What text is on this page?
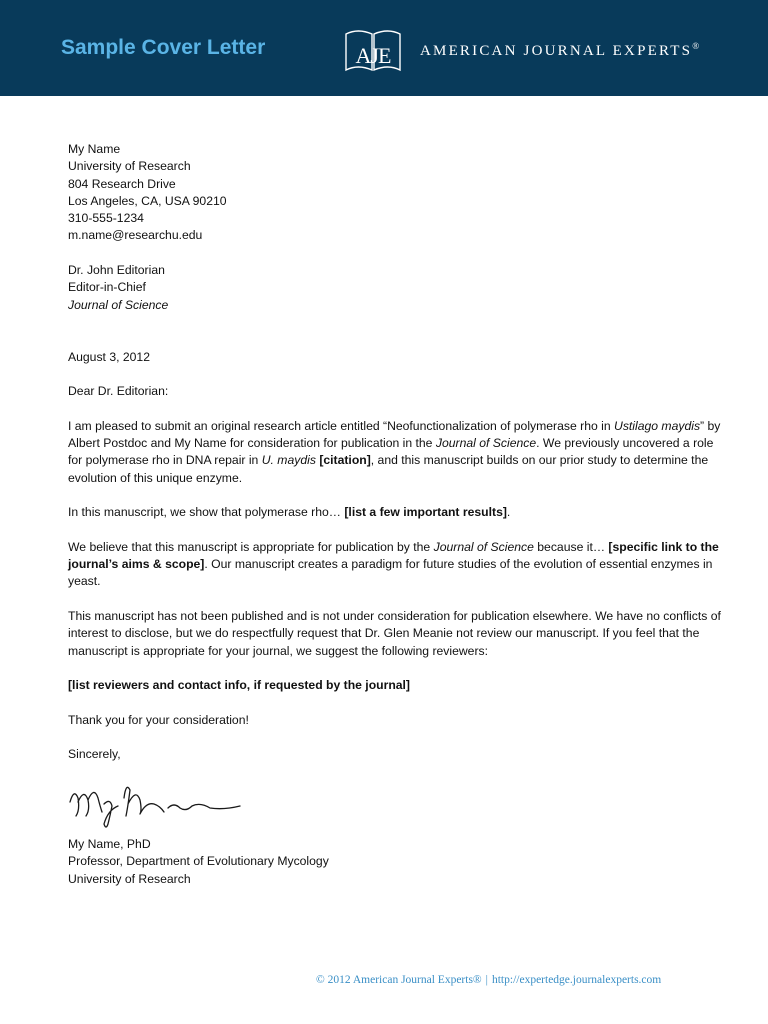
Sample Cover Letter	AJE AMERICAN JOURNAL EXPERTS®
My Name
University of Research
804 Research Drive
Los Angeles, CA, USA 90210
310-555-1234
m.name@researchu.edu
Dr. John Editorian
Editor-in-Chief
Journal of Science
August 3, 2012
Dear Dr. Editorian:

I am pleased to submit an original research article entitled “Neofunctionalization of polymerase rho in Ustilago maydis” by Albert Postdoc and My Name for consideration for publication in the Journal of Science. We previously uncovered a role for polymerase rho in DNA repair in U. maydis [citation], and this manuscript builds on our prior study to determine the evolution of this unique enzyme.

In this manuscript, we show that polymerase rho… [list a few important results].

We believe that this manuscript is appropriate for publication by the Journal of Science because it… [specific link to the journal’s aims & scope]. Our manuscript creates a paradigm for future studies of the evolution of essential enzymes in yeast.

This manuscript has not been published and is not under consideration for publication elsewhere. We have no conflicts of interest to disclose, but we do respectfully request that Dr. Glen Meanie not review our manuscript. If you feel that the manuscript is appropriate for your journal, we suggest the following reviewers:

[list reviewers and contact info, if requested by the journal]

Thank you for your consideration!

Sincerely,
My Name, PhD
Professor, Department of Evolutionary Mycology
University of Research
© 2012 American Journal Experts® | http://expertedge.journalexperts.com
